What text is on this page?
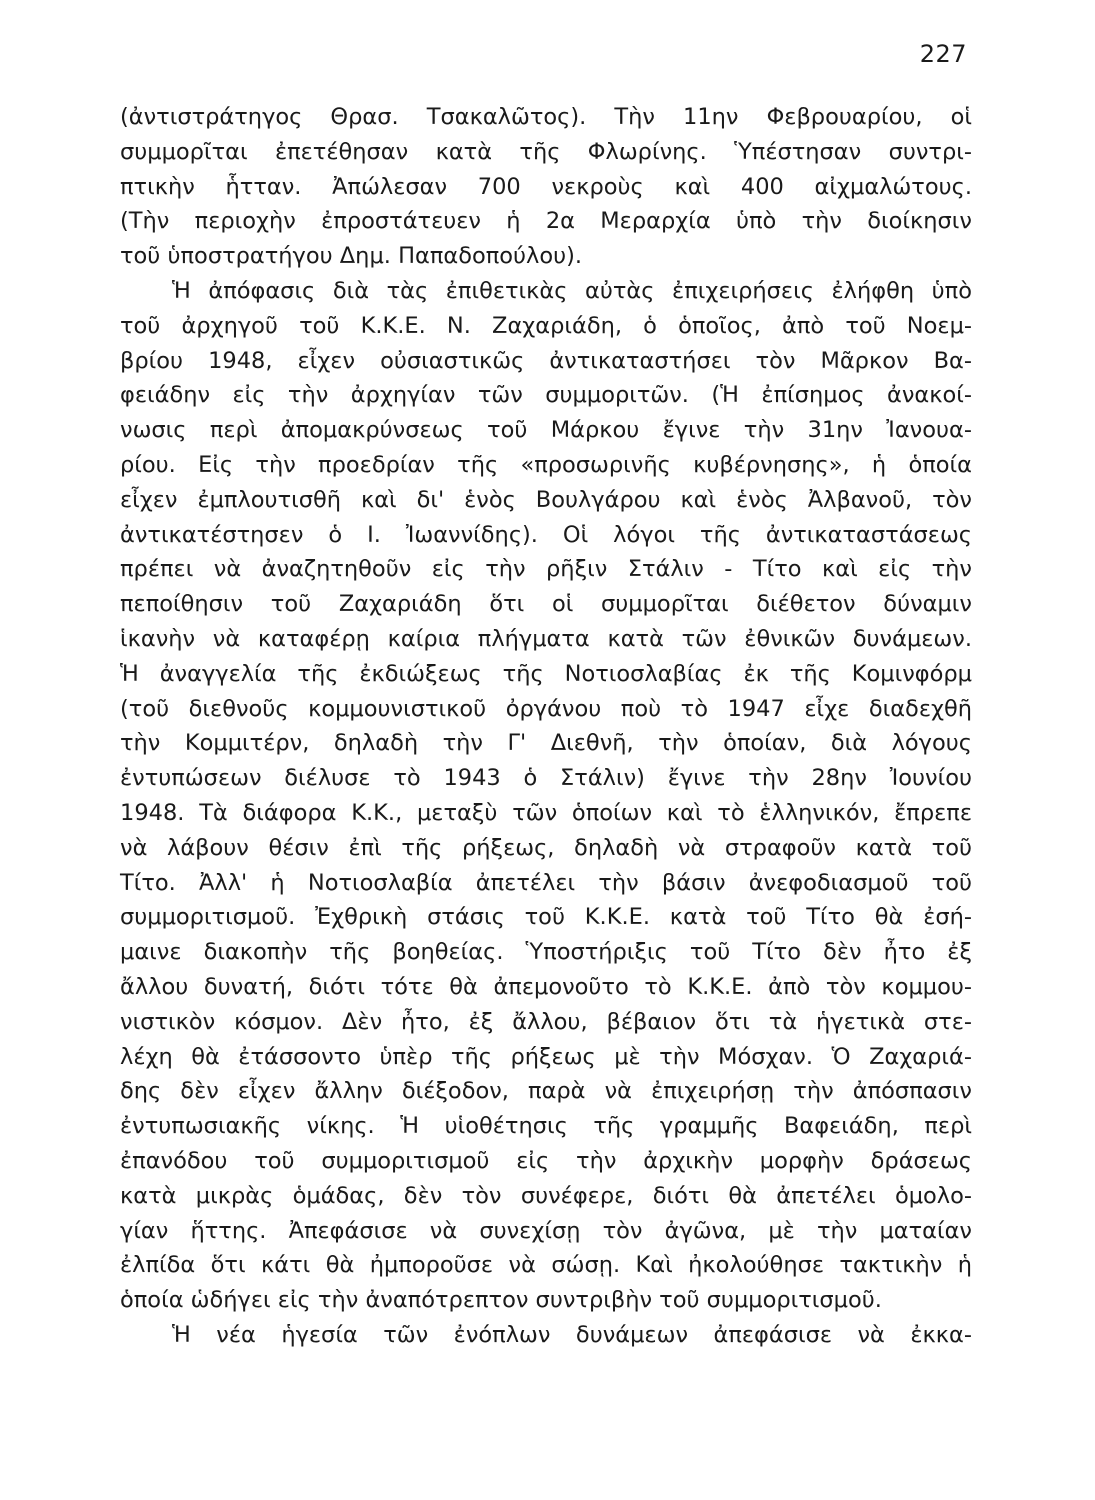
227
(ἀντιστράτηγος Θρασ. Τσακαλῶτος). Τὴν 11ην Φεβρουαρίου, οἱ
συμμορῖται ἐπετέθησαν κατὰ τῆς Φλωρίνης. Ὑπέστησαν συντρι-
πτικὴν ἧτταν. Ἀπώλεσαν 700 νεκροὺς καὶ 400 αἰχμαλώτους.
(Τὴν περιοχὴν ἐπροστάτευεν ἡ 2α Μεραρχία ὑπὸ τὴν διοίκησιν
τοῦ ὑποστρατήγου Δημ. Παπαδοπούλου).
Ἡ ἀπόφασις διὰ τὰς ἐπιθετικὰς αὐτὰς ἐπιχειρήσεις ἐλήφθη ὑπὸ
τοῦ ἀρχηγοῦ τοῦ Κ.Κ.Ε. Ν. Ζαχαριάδη, ὁ ὁποῖος, ἀπὸ τοῦ Νοεμ-
βρίου 1948, εἶχεν οὐσιαστικῶς ἀντικαταστήσει τὸν Μᾶρκον Βα-
φειάδην εἰς τὴν ἀρχηγίαν τῶν συμμοριτῶν. (Ἡ ἐπίσημος ἀνακοί-
νωσις περὶ ἀπομακρύνσεως τοῦ Μάρκου ἔγινε τὴν 31ην Ἰανουα-
ρίου. Εἰς τὴν προεδρίαν τῆς «προσωρινῆς κυβέρνησης», ἡ ὁποία
εἶχεν ἐμπλουτισθῆ καὶ δι' ἑνὸς Βουλγάρου καὶ ἑνὸς Ἀλβανοῦ, τὸν
ἀντικατέστησεν ὁ Ι. Ἰωαννίδης). Οἱ λόγοι τῆς ἀντικαταστάσεως
πρέπει νὰ ἀναζητηθοῦν εἰς τὴν ρῆξιν Στάλιν - Τίτο καὶ εἰς τὴν
πεποίθησιν τοῦ Ζαχαριάδη ὅτι οἱ συμμορῖται διέθετον δύναμιν
ἱκανὴν νὰ καταφέρῃ καίρια πλήγματα κατὰ τῶν ἐθνικῶν δυνάμεων.
Ἡ ἀναγγελία τῆς ἐκδιώξεως τῆς Νοτιοσλαβίας ἐκ τῆς Κομινφόρμ
(τοῦ διεθνοῦς κομμουνιστικοῦ ὀργάνου ποὺ τὸ 1947 εἶχε διαδεχθῆ
τὴν Κομμιτέρν, δηλαδὴ τὴν Γ' Διεθνῆ, τὴν ὁποίαν, διὰ λόγους
ἐντυπώσεων διέλυσε τὸ 1943 ὁ Στάλιν) ἔγινε τὴν 28ην Ἰουνίου
1948. Τὰ διάφορα Κ.Κ., μεταξὺ τῶν ὁποίων καὶ τὸ ἑλληνικόν, ἔπρεπε
νὰ λάβουν θέσιν ἐπὶ τῆς ρήξεως, δηλαδὴ νὰ στραφοῦν κατὰ τοῦ
Τίτο. Ἀλλ' ἡ Νοτιοσλαβία ἀπετέλει τὴν βάσιν ἀνεφοδιασμοῦ τοῦ
συμμοριτισμοῦ. Ἐχθρικὴ στάσις τοῦ Κ.Κ.Ε. κατὰ τοῦ Τίτο θὰ ἐσή-
μαινε διακοπὴν τῆς βοηθείας. Ὑποστήριξις τοῦ Τίτο δὲν ἦτο ἐξ
ἄλλου δυνατή, διότι τότε θὰ ἀπεμονοῦτο τὸ Κ.Κ.Ε. ἀπὸ τὸν κομμου-
νιστικὸν κόσμον. Δὲν ἦτο, ἐξ ἄλλου, βέβαιον ὅτι τὰ ἡγετικὰ στε-
λέχη θὰ ἐτάσσοντο ὑπὲρ τῆς ρήξεως μὲ τὴν Μόσχαν. Ὁ Ζαχαριά-
δης δὲν εἶχεν ἄλλην διέξοδον, παρὰ νὰ ἐπιχειρήσῃ τὴν ἀπόσπασιν
ἐντυπωσιακῆς νίκης. Ἡ υἱοθέτησις τῆς γραμμῆς Βαφειάδη, περὶ
ἐπανόδου τοῦ συμμοριτισμοῦ εἰς τὴν ἀρχικὴν μορφὴν δράσεως
κατὰ μικρὰς ὁμάδας, δὲν τὸν συνέφερε, διότι θὰ ἀπετέλει ὁμολο-
γίαν ἥττης. Ἀπεφάσισε νὰ συνεχίσῃ τὸν ἀγῶνα, μὲ τὴν ματαίαν
ἐλπίδα ὅτι κάτι θὰ ἠμποροῦσε νὰ σώσῃ. Καὶ ἠκολούθησε τακτικὴν ἡ
ὁποία ὡδήγει εἰς τὴν ἀναπότρεπτον συντριβὴν τοῦ συμμοριτισμοῦ.
Ἡ νέα ἡγεσία τῶν ἐνόπλων δυνάμεων ἀπεφάσισε νὰ ἐκκα-
